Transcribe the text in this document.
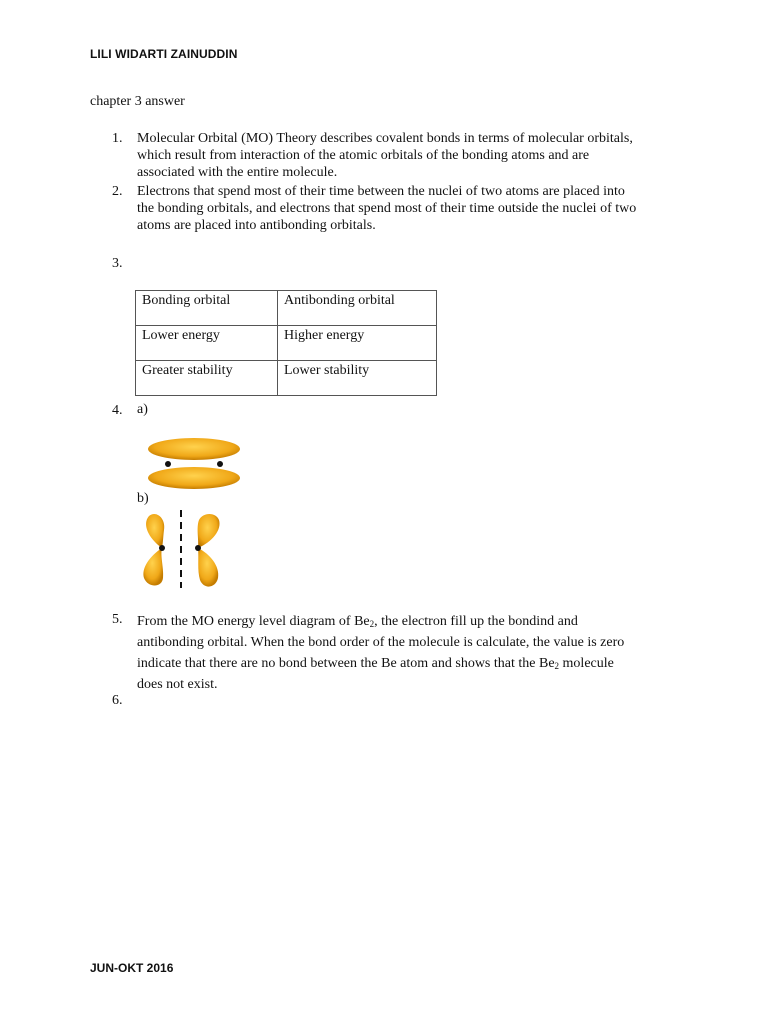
LILI WIDARTI ZAINUDDIN
chapter 3 answer
1.	Molecular Orbital (MO) Theory describes covalent bonds in terms of molecular orbitals,
which result from interaction of the atomic orbitals of the bonding atoms and are
associated with the entire molecule.
2.	Electrons that spend most of their time between the nuclei of two atoms are placed into
the bonding orbitals, and electrons that spend most of their time outside the nuclei of two
atoms are placed into antibonding orbitals.
3.
Bonding orbital	Antibonding orbital
Lower energy	Higher energy
Greater stability	Lower stability
4.	a)
b)
5.	From the MO energy level diagram of $Be_2$, the electron fill up the bondind and
antibonding orbital. When the bond order of the molecule is calculate, the value is zero
indicate that there are no bond between the Be atom and shows that the $Be_2$ molecule
does not exist.
6.
JUN-OKT 2016
